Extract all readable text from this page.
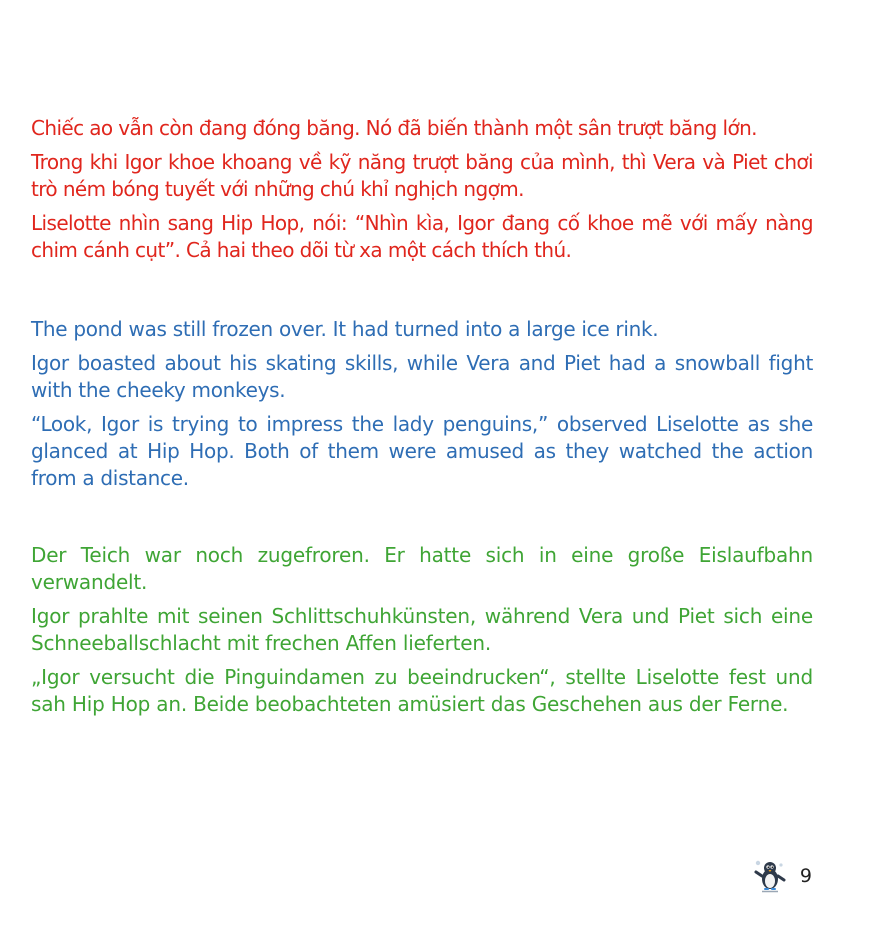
Chiếc ao vẫn còn đang đóng băng. Nó đã biến thành một sân trượt băng lớn.

Trong khi Igor khoe khoang về kỹ năng trượt băng của mình, thì Vera và Piet chơi trò ném bóng tuyết với những chú khỉ nghịch ngợm.

Liselotte nhìn sang Hip Hop, nói: “Nhìn kìa, Igor đang cố khoe mẽ với mấy nàng chim cánh cụt”. Cả hai theo dõi từ xa một cách thích thú.

The pond was still frozen over. It had turned into a large ice rink.

Igor boasted about his skating skills, while Vera and Piet had a snowball fight with the cheeky monkeys.

“Look, Igor is trying to impress the lady penguins,” observed Liselotte as she glanced at Hip Hop. Both of them were amused as they watched the action from a distance.

Der Teich war noch zugefroren. Er hatte sich in eine große Eislaufbahn verwandelt.

Igor prahlte mit seinen Schlittschuhkünsten, während Vera und Piet sich eine Schneeballschlacht mit frechen Affen lieferten.

„Igor versucht die Pinguindamen zu beeindrucken“, stellte Liselotte fest und sah Hip Hop an. Beide beobachteten amüsiert das Geschehen aus der Ferne.

9
